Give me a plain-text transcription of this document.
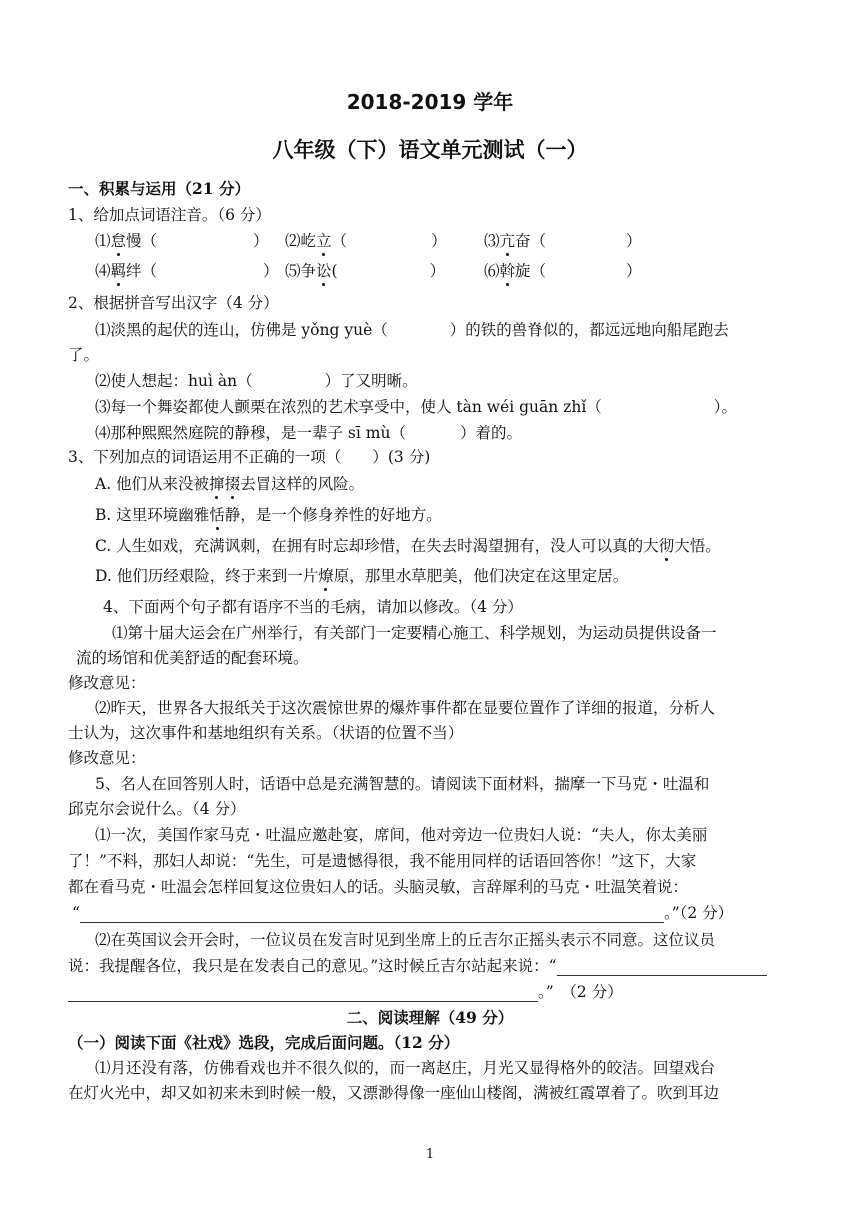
2018-2019 学年
八年级（下）语文单元测试（一）
一、积累与运用（21 分）
1、给加点词语注音。（6 分）
⑴怠慢（	） ⑵屹立（	） ⑶亢奋（	）
⑷羁绊（	） ⑸争讼(	）	⑹斡旋（	）
2、根据拼音写出汉字（4 分）
⑴淡黑的起伏的连山，仿佛是 yǒng yuè（	）的铁的兽脊似的，都远远地向船尾跑去
了。
⑵使人想起：huì àn（	）了又明晰。
⑶每一个舞姿都使人颤栗在浓烈的艺术享受中，使人 tàn wéi guān zhǐ（	）。
⑷那种熙熙然庭院的静穆，是一辈子 sī mù（	）着的。
3、下列加点的词语运用不正确的一项（　　）(3 分)
A. 他们从来没被撺掇去冒这样的风险。
B. 这里环境幽雅恬静，是一个修身养性的好地方。
C. 人生如戏，充满讽刺，在拥有时忘却珍惜，在失去时渴望拥有，没人可以真的大彻大悟。
D. 他们历经艰险，终于来到一片燎原，那里水草肥美，他们决定在这里定居。
4、下面两个句子都有语序不当的毛病，请加以修改。（4 分）
⑴第十届大运会在广州举行，有关部门一定要精心施工、科学规划，为运动员提供设备一
流的场馆和优美舒适的配套环境。
修改意见：
⑵昨天，世界各大报纸关于这次震惊世界的爆炸事件都在显要位置作了详细的报道，分析人
士认为，这次事件和基地组织有关系。（状语的位置不当）
修改意见：
5、名人在回答别人时，话语中总是充满智慧的。请阅读下面材料，揣摩一下马克・吐温和
邱克尔会说什么。（4 分）
⑴一次，美国作家马克・吐温应邀赴宴，席间，他对旁边一位贵妇人说：“夫人，你太美丽
了！”不料，那妇人却说：“先生，可是遗憾得很，我不能用同样的话语回答你！”这下，大家
都在看马克・吐温会怎样回复这位贵妇人的话。头脑灵敏，言辞犀利的马克・吐温笑着说：
“	。”（2 分）
⑵在英国议会开会时，一位议员在发言时见到坐席上的丘吉尔正摇头表示不同意。这位议员
说：我提醒各位，我只是在发表自己的意见。”这时候丘吉尔站起来说：“
。”　（2 分）
二、阅读理解（49 分）
（一）阅读下面《社戏》选段，完成后面问题。（12 分）
⑴月还没有落，仿佛看戏也并不很久似的，而一离赵庄，月光又显得格外的皎洁。回望戏台
在灯火光中，却又如初来未到时候一般，又漂渺得像一座仙山楼阁，满被红霞罩着了。吹到耳边
1
